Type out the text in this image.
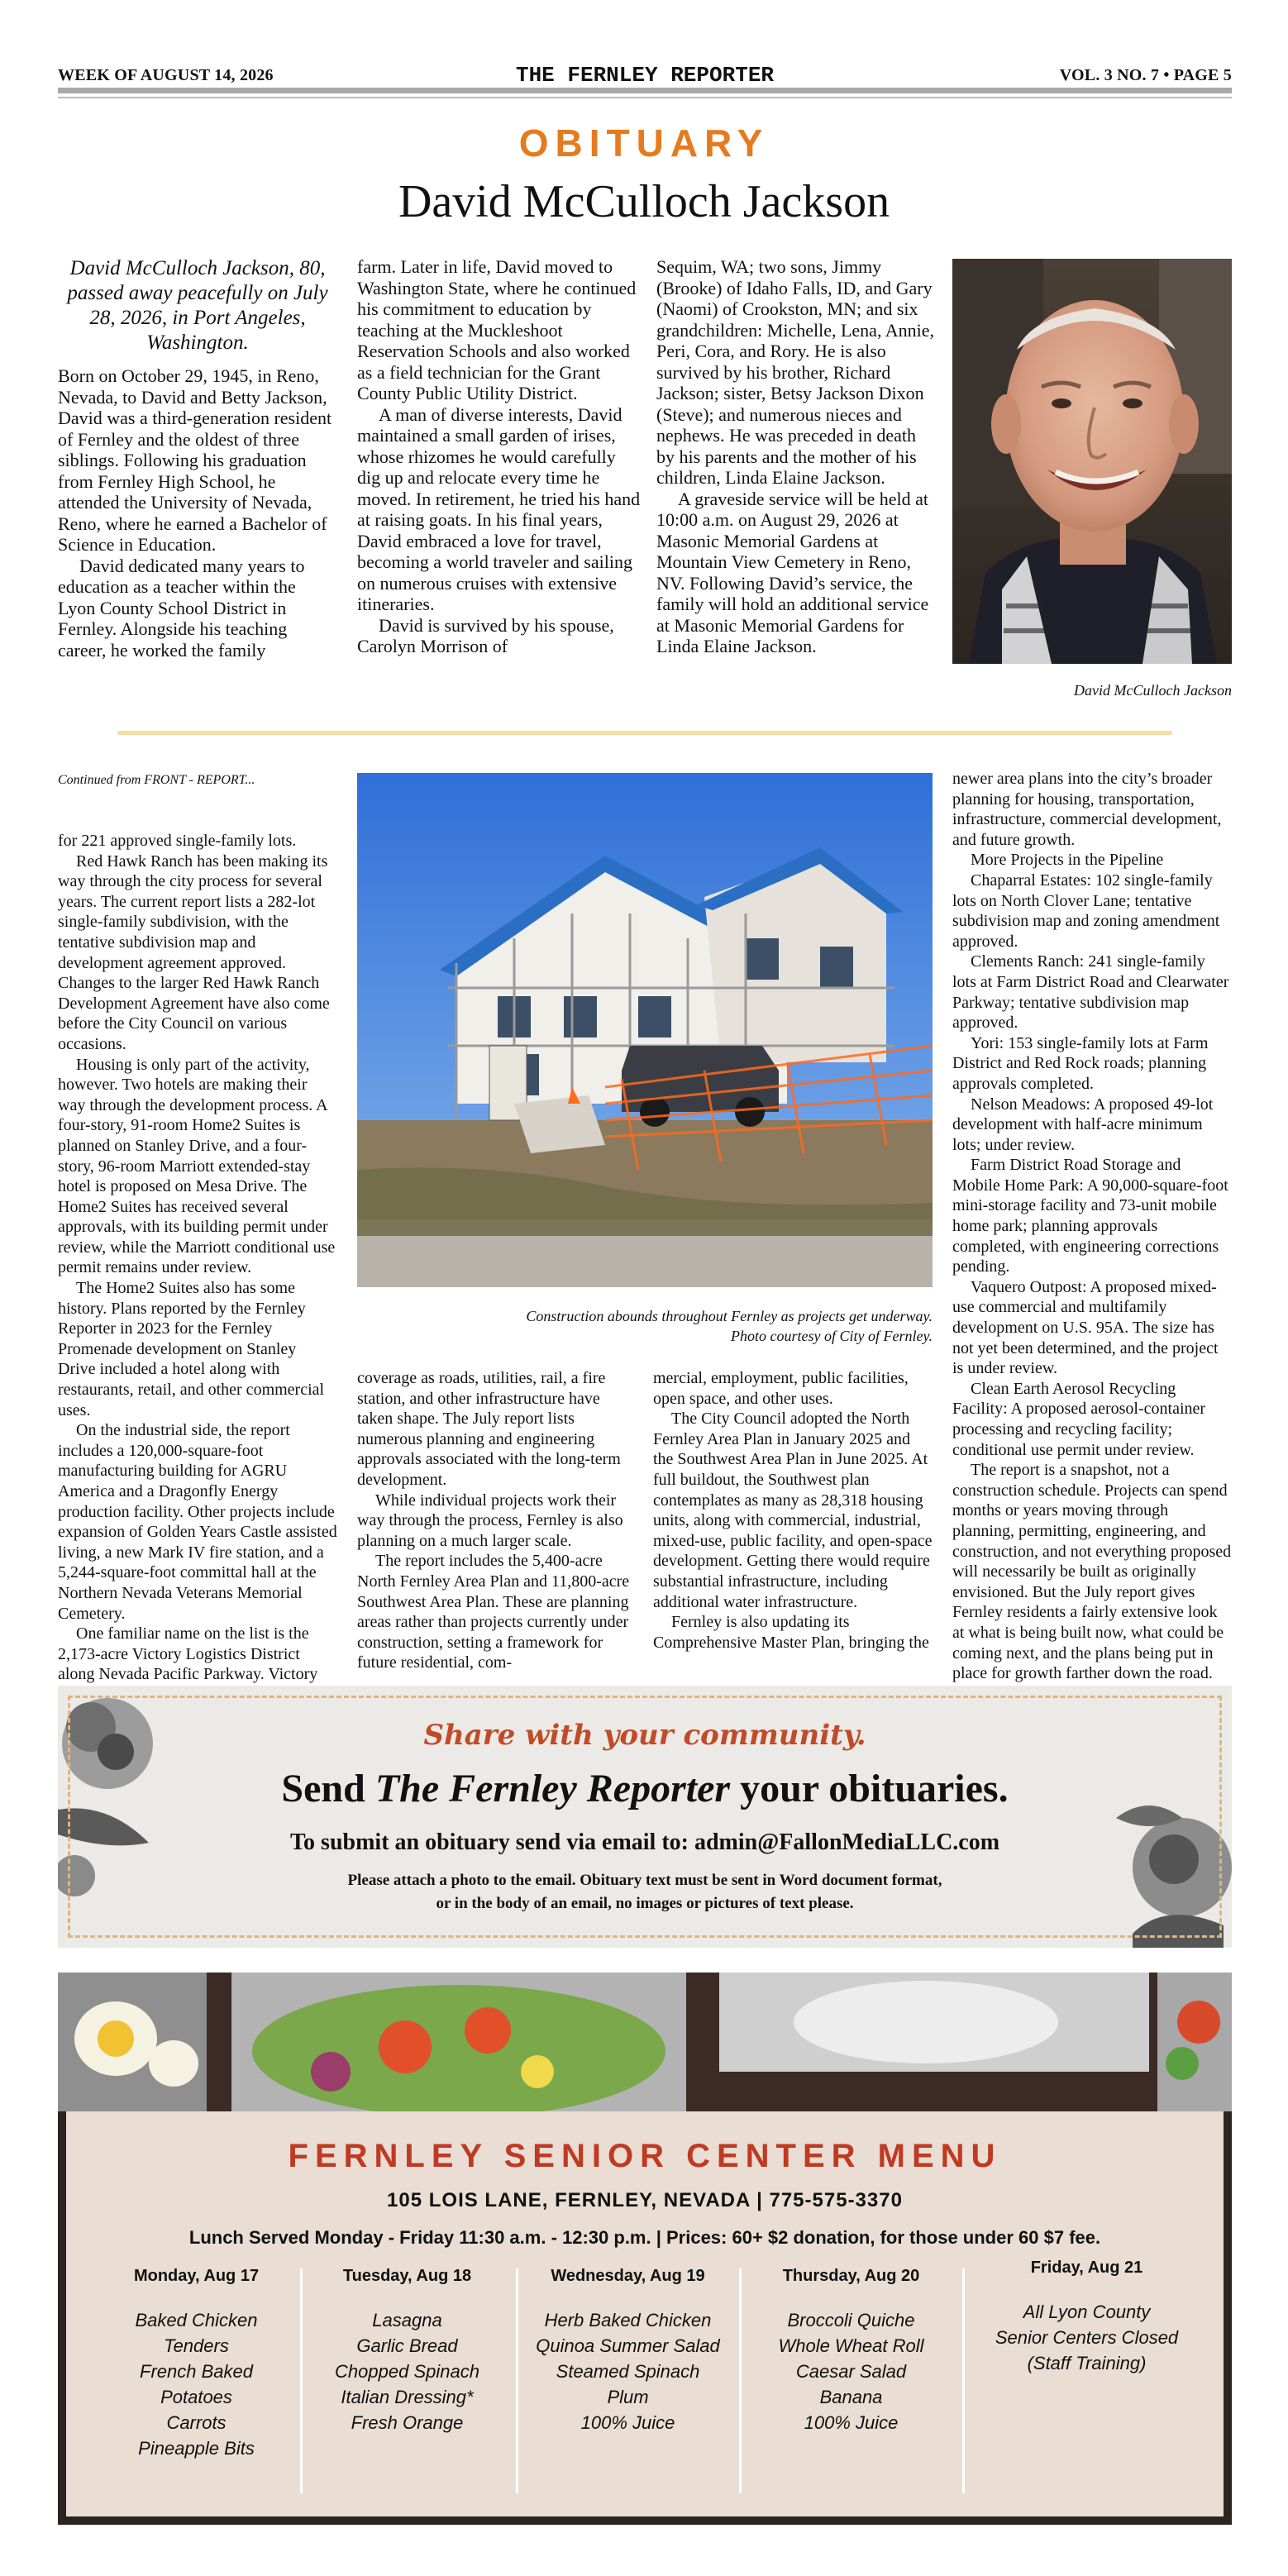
WEEK OF AUGUST 14, 2026	THE FERNLEY REPORTER	VOL. 3 NO. 7 • PAGE 5
OBITUARY
David McCulloch Jackson
David McCulloch Jackson, 80, passed away peacefully on July 28, 2026, in Port Angeles, Washington.

Born on October 29, 1945, in Reno, Nevada, to David and Betty Jackson, David was a third-generation resident of Fernley and the oldest of three siblings. Following his graduation from Fernley High School, he attended the University of Nevada, Reno, where he earned a Bachelor of Science in Education.

David dedicated many years to education as a teacher within the Lyon County School District in Fernley. Alongside his teaching career, he worked the family

farm. Later in life, David moved to Washington State, where he continued his commitment to education by teaching at the Muckleshoot Reservation Schools and also worked as a field technician for the Grant County Public Utility District.

A man of diverse interests, David maintained a small garden of irises, whose rhizomes he would carefully dig up and relocate every time he moved. In retirement, he tried his hand at raising goats. In his final years, David embraced a love for travel, becoming a world traveler and sailing on numerous cruises with extensive itineraries.

David is survived by his spouse, Carolyn Morrison of

Sequim, WA; two sons, Jimmy (Brooke) of Idaho Falls, ID, and Gary (Naomi) of Crookston, MN; and six grandchildren: Michelle, Lena, Annie, Peri, Cora, and Rory. He is also survived by his brother, Richard Jackson; sister, Betsy Jackson Dixon (Steve); and numerous nieces and nephews. He was preceded in death by his parents and the mother of his children, Linda Elaine Jackson.

A graveside service will be held at 10:00 a.m. on August 29, 2026 at Masonic Memorial Gardens at Mountain View Cemetery in Reno, NV. Following David’s service, the family will hold an additional service at Masonic Memorial Gardens for Linda Elaine Jackson.

David McCulloch Jackson
Continued from FRONT - REPORT...

for 221 approved single-family lots.

Red Hawk Ranch has been making its way through the city process for several years. The current report lists a 282-lot single-family subdivision, with the tentative subdivision map and development agreement approved. Changes to the larger Red Hawk Ranch Development Agreement have also come before the City Council on various occasions.

Housing is only part of the activity, however. Two hotels are making their way through the development process. A four-story, 91-room Home2 Suites is planned on Stanley Drive, and a four-story, 96-room Marriott extended-stay hotel is proposed on Mesa Drive. The Home2 Suites has received several approvals, with its building permit under review, while the Marriott conditional use permit remains under review.

The Home2 Suites also has some history. Plans reported by the Fernley Reporter in 2023 for the Fernley Promenade development on Stanley Drive included a hotel along with restaurants, retail, and other commercial uses.

On the industrial side, the report includes a 120,000-square-foot manufacturing building for AGRU America and a Dragonfly Energy production facility. Other projects include expansion of Golden Years Castle assisted living, a new Mark IV fire station, and a 5,244-square-foot committal hall at the Northern Nevada Veterans Memorial Cemetery.

One familiar name on the list is the 2,173-acre Victory Logistics District along Nevada Pacific Parkway. Victory

Construction abounds throughout Fernley as projects get underway.
Photo courtesy of City of Fernley.

coverage as roads, utilities, rail, a fire station, and other infrastructure have taken shape. The July report lists numerous planning and engineering approvals associated with the long-term development.

While individual projects work their way through the process, Fernley is also planning on a much larger scale.

The report includes the 5,400-acre North Fernley Area Plan and 11,800-acre Southwest Area Plan. These are planning areas rather than projects currently under construction, setting a framework for future residential, com-

mercial, employment, public facilities, open space, and other uses.

The City Council adopted the North Fernley Area Plan in January 2025 and the Southwest Area Plan in June 2025. At full buildout, the Southwest plan contemplates as many as 28,318 housing units, along with commercial, industrial, mixed-use, public facility, and open-space development. Getting there would require substantial infrastructure, including additional water infrastructure.

Fernley is also updating its Comprehensive Master Plan, bringing the

newer area plans into the city’s broader planning for housing, transportation, infrastructure, commercial development, and future growth.

More Projects in the Pipeline

Chaparral Estates: 102 single-family lots on North Clover Lane; tentative subdivision map and zoning amendment approved.

Clements Ranch: 241 single-family lots at Farm District Road and Clearwater Parkway; tentative subdivision map approved.

Yori: 153 single-family lots at Farm District and Red Rock roads; planning approvals completed.

Nelson Meadows: A proposed 49-lot development with half-acre minimum lots; under review.

Farm District Road Storage and Mobile Home Park: A 90,000-square-foot mini-storage facility and 73-unit mobile home park; planning approvals completed, with engineering corrections pending.

Vaquero Outpost: A proposed mixed-use commercial and multifamily development on U.S. 95A. The size has not yet been determined, and the project is under review.

Clean Earth Aerosol Recycling Facility: A proposed aerosol-container processing and recycling facility; conditional use permit under review.

The report is a snapshot, not a construction schedule. Projects can spend months or years moving through planning, permitting, engineering, and construction, and not everything proposed will necessarily be built as originally envisioned. But the July report gives Fernley residents a fairly extensive look at what is being built now, what could be coming next, and the plans being put in place for growth farther down the road.

Share with your community.
Send The Fernley Reporter your obituaries.
To submit an obituary send via email to: admin@FallonMediaLLC.com
Please attach a photo to the email. Obituary text must be sent in Word document format,
or in the body of an email, no images or pictures of text please.
FERNLEY SENIOR CENTER MENU
105 LOIS LANE, FERNLEY, NEVADA | 775-575-3370
Lunch Served Monday - Friday 11:30 a.m. - 12:30 p.m. | Prices: 60+ $2 donation, for those under 60 $7 fee.
Monday, Aug 17
Baked Chicken
Tenders
French Baked
Potatoes
Carrots
Pineapple Bits
Tuesday, Aug 18
Lasagna
Garlic Bread
Chopped Spinach
Italian Dressing*
Fresh Orange
Wednesday, Aug 19
Herb Baked Chicken
Quinoa Summer Salad
Steamed Spinach
Plum
100% Juice
Thursday, Aug 20
Broccoli Quiche
Whole Wheat Roll
Caesar Salad
Banana
100% Juice
Friday, Aug 21
All Lyon County
Senior Centers Closed
(Staff Training)
